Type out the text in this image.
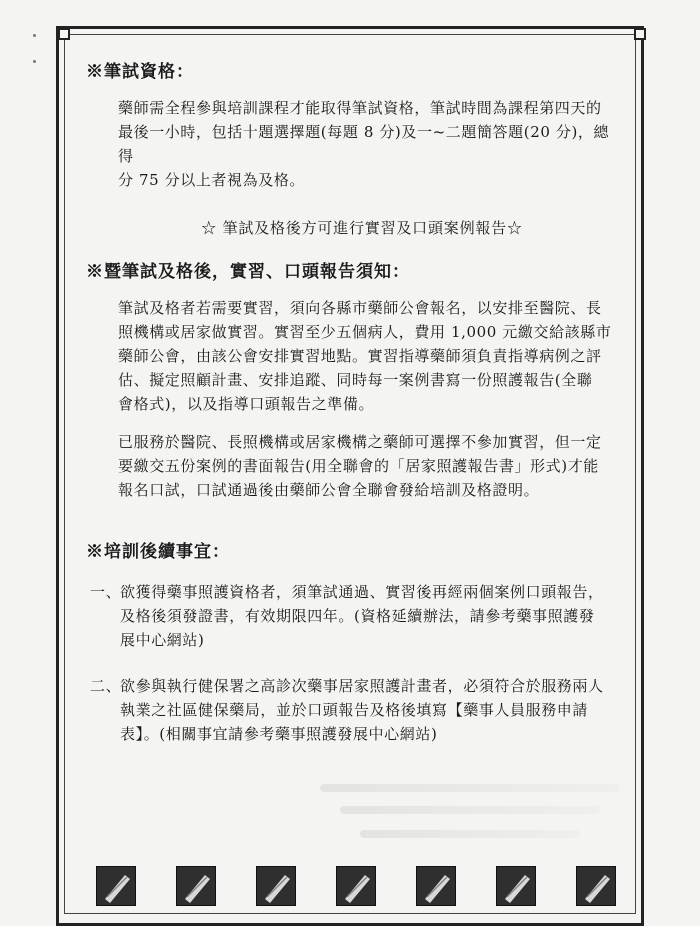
※筆試資格：
藥師需全程參與培訓課程才能取得筆試資格，筆試時間為課程第四天的
最後一小時，包括十題選擇題(每題 8 分)及一~二題簡答題(20 分)，總得
分 75 分以上者視為及格。

☆ 筆試及格後方可進行實習及口頭案例報告☆

※暨筆試及格後，實習、口頭報告須知：
筆試及格者若需要實習，須向各縣市藥師公會報名，以安排至醫院、長
照機構或居家做實習。實習至少五個病人，費用 1,000 元繳交給該縣市
藥師公會，由該公會安排實習地點。實習指導藥師須負責指導病例之評
估、擬定照顧計畫、安排追蹤、同時每一案例書寫一份照護報告(全聯
會格式)，以及指導口頭報告之準備。
已服務於醫院、長照機構或居家機構之藥師可選擇不參加實習，但一定
要繳交五份案例的書面報告(用全聯會的「居家照護報告書」形式)才能
報名口試，口試通過後由藥師公會全聯會發給培訓及格證明。
※培訓後續事宜：
一、
欲獲得藥事照護資格者，須筆試通過、實習後再經兩個案例口頭報告，
及格後須發證書，有效期限四年。(資格延續辦法，請參考藥事照護發
展中心網站)
二、
欲參與執行健保署之高診次藥事居家照護計畫者，必須符合於服務兩人
執業之社區健保藥局，並於口頭報告及格後填寫【藥事人員服務申請
表】。(相關事宜請參考藥事照護發展中心網站)
